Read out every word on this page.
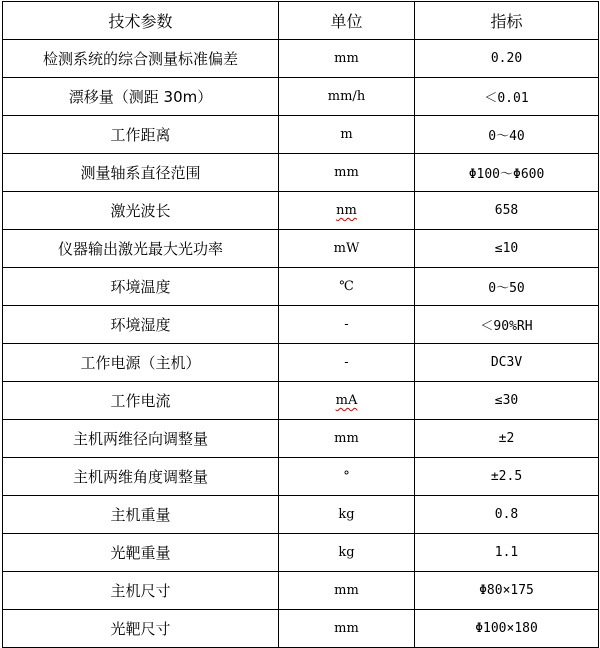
技术参数	单位	指标
检测系统的综合测量标准偏差	mm	0.20
漂移量（测距 30m）	mm/h	＜0.01
工作距离	m	0～40
测量轴系直径范围	mm	Φ100～Φ600
激光波长	nm	658
仪器输出激光最大光功率	mW	≤10
环境温度	℃	0～50
环境湿度	-	＜90%RH
工作电源（主机）	-	DC3V
工作电流	mA	≤30
主机两维径向调整量	mm	±2
主机两维角度调整量	°	±2.5
主机重量	kg	0.8
光靶重量	kg	1.1
主机尺寸	mm	Φ80×175
光靶尺寸	mm	Φ100×180
